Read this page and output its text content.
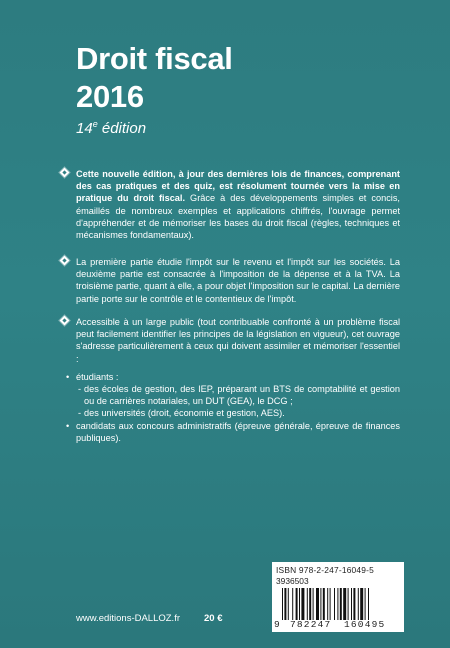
Droit fiscal
2016
14e édition

Cette nouvelle édition, à jour des dernières lois de finances, comprenant des cas pratiques et des quiz, est résolument tournée vers la mise en pratique du droit fiscal. Grâce à des développements simples et concis, émaillés de nombreux exemples et applications chiffrés, l'ouvrage permet d'appréhender et de mémoriser les bases du droit fiscal (règles, techniques et mécanismes fondamentaux).

La première partie étudie l'impôt sur le revenu et l'impôt sur les sociétés. La deuxième partie est consacrée à l'imposition de la dépense et à la TVA. La troisième partie, quant à elle, a pour objet l'imposition sur le capital. La dernière partie porte sur le contrôle et le contentieux de l'impôt.

Accessible à un large public (tout contribuable confronté à un problème fiscal peut facilement identifier les principes de la législation en vigueur), cet ouvrage s'adresse particulièrement à ceux qui doivent assimiler et mémoriser l'essentiel :

• étudiants :
- des écoles de gestion, des IEP, préparant un BTS de comptabilité et gestion ou de carrières notariales, un DUT (GEA), le DCG ;
- des universités (droit, économie et gestion, AES).
• candidats aux concours administratifs (épreuve générale, épreuve de finances publiques).
www.editions-DALLOZ.fr	20 €
ISBN 978-2-247-16049-5
3936503
9 782247 160495
